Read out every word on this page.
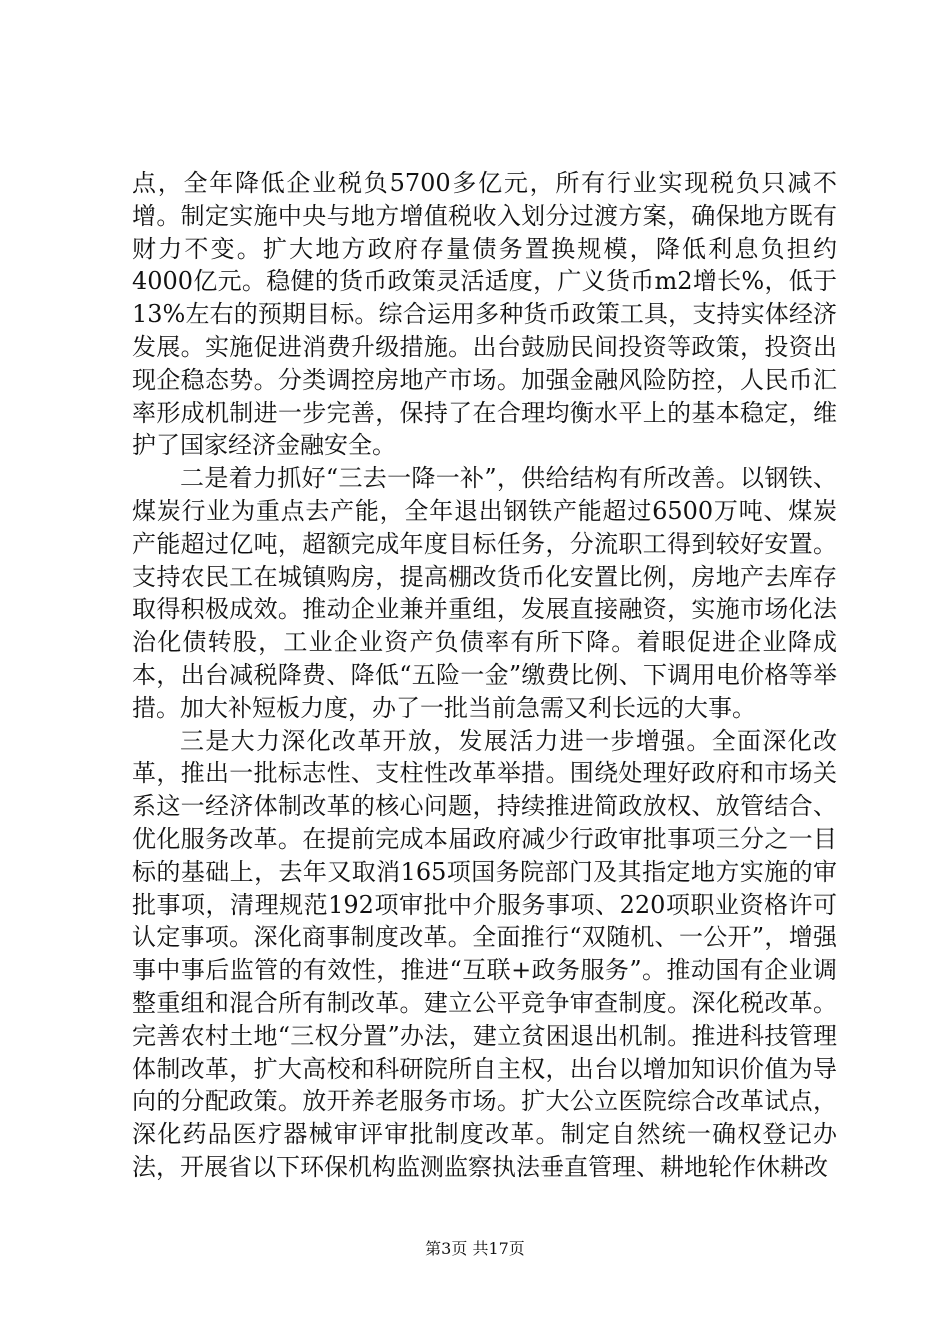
点，全年降低企业税负5700多亿元，所有行业实现税负只减不增。制定实施中央与地方增值税收入划分过渡方案，确保地方既有财力不变。扩大地方政府存量债务置换规模，降低利息负担约4000亿元。稳健的货币政策灵活适度，广义货币m2增长%，低于13%左右的预期目标。综合运用多种货币政策工具，支持实体经济发展。实施促进消费升级措施。出台鼓励民间投资等政策，投资出现企稳态势。分类调控房地产市场。加强金融风险防控，人民币汇率形成机制进一步完善，保持了在合理均衡水平上的基本稳定，维护了国家经济金融安全。

二是着力抓好“三去一降一补”，供给结构有所改善。以钢铁、煤炭行业为重点去产能，全年退出钢铁产能超过6500万吨、煤炭产能超过亿吨，超额完成年度目标任务，分流职工得到较好安置。支持农民工在城镇购房，提高棚改货币化安置比例，房地产去库存取得积极成效。推动企业兼并重组，发展直接融资，实施市场化法治化债转股，工业企业资产负债率有所下降。着眼促进企业降成本，出台减税降费、降低“五险一金”缴费比例、下调用电价格等举措。加大补短板力度，办了一批当前急需又利长远的大事。

三是大力深化改革开放，发展活力进一步增强。全面深化改革，推出一批标志性、支柱性改革举措。围绕处理好政府和市场关系这一经济体制改革的核心问题，持续推进简政放权、放管结合、优化服务改革。在提前完成本届政府减少行政审批事项三分之一目标的基础上，去年又取消165项国务院部门及其指定地方实施的审批事项，清理规范192项审批中介服务事项、220项职业资格许可认定事项。深化商事制度改革。全面推行“双随机、一公开”，增强事中事后监管的有效性，推进“互联+政务服务”。推动国有企业调整重组和混合所有制改革。建立公平竞争审查制度。深化税改革。完善农村土地“三权分置”办法，建立贫困退出机制。推进科技管理体制改革，扩大高校和科研院所自主权，出台以增加知识价值为导向的分配政策。放开养老服务市场。扩大公立医院综合改革试点，深化药品医疗器械审评审批制度改革。制定自然统一确权登记办法，开展省以下环保机构监测监察执法垂直管理、耕地轮作休耕改

第3页 共17页
